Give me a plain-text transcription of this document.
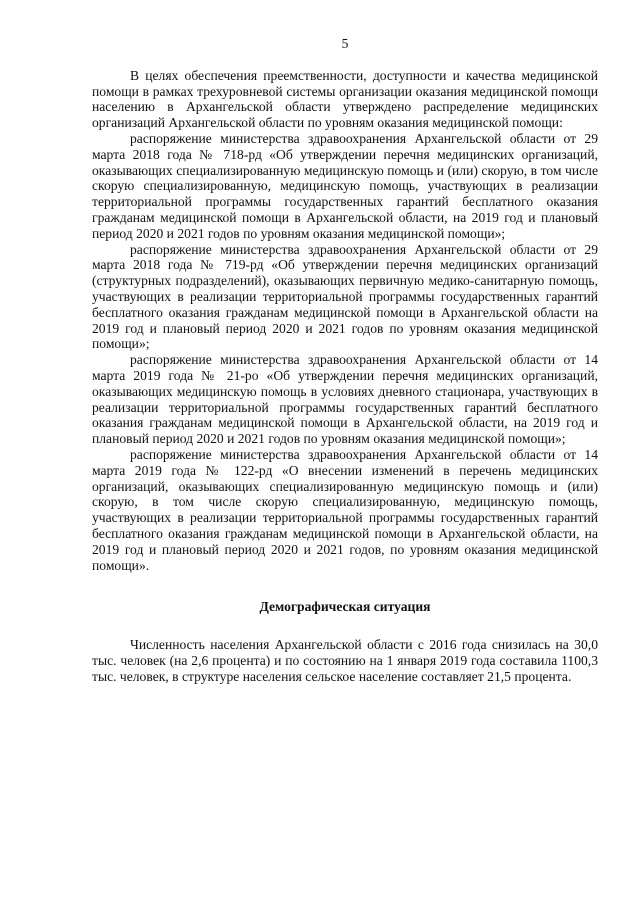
5

В целях обеспечения преемственности, доступности и качества медицинской помощи в рамках трехуровневой системы организации оказания медицинской помощи населению в Архангельской области утверждено распределение медицинских организаций Архангельской области по уровням оказания медицинской помощи:

распоряжение министерства здравоохранения Архангельской области от 29 марта 2018 года № 718-рд «Об утверждении перечня медицинских организаций, оказывающих специализированную медицинскую помощь и (или) скорую, в том числе скорую специализированную, медицинскую помощь, участвующих в реализации территориальной программы государственных гарантий бесплатного оказания гражданам медицинской помощи в Архангельской области, на 2019 год и плановый период 2020 и 2021 годов по уровням оказания медицинской помощи»;

распоряжение министерства здравоохранения Архангельской области от 29 марта 2018 года № 719-рд «Об утверждении перечня медицинских организаций (структурных подразделений), оказывающих первичную медико-санитарную помощь, участвующих в реализации территориальной программы государственных гарантий бесплатного оказания гражданам медицинской помощи в Архангельской области на 2019 год и плановый период 2020 и 2021 годов по уровням оказания медицинской помощи»;

распоряжение министерства здравоохранения Архангельской области от 14 марта 2019 года № 21-ро «Об утверждении перечня медицинских организаций, оказывающих медицинскую помощь в условиях дневного стационара, участвующих в реализации территориальной программы государственных гарантий бесплатного оказания гражданам медицинской помощи в Архангельской области, на 2019 год и плановый период 2020 и 2021 годов по уровням оказания медицинской помощи»;

распоряжение министерства здравоохранения Архангельской области от 14 марта 2019 года № 122-рд «О внесении изменений в перечень медицинских организаций, оказывающих специализированную медицинскую помощь и (или) скорую, в том числе скорую специализированную, медицинскую помощь, участвующих в реализации территориальной программы государственных гарантий бесплатного оказания гражданам медицинской помощи в Архангельской области, на 2019 год и плановый период 2020 и 2021 годов, по уровням оказания медицинской помощи».

Демографическая ситуация

Численность населения Архангельской области с 2016 года снизилась на 30,0 тыс. человек (на 2,6 процента) и по состоянию на 1 января 2019 года составила 1100,3 тыс. человек, в структуре населения сельское население составляет 21,5 процента.
